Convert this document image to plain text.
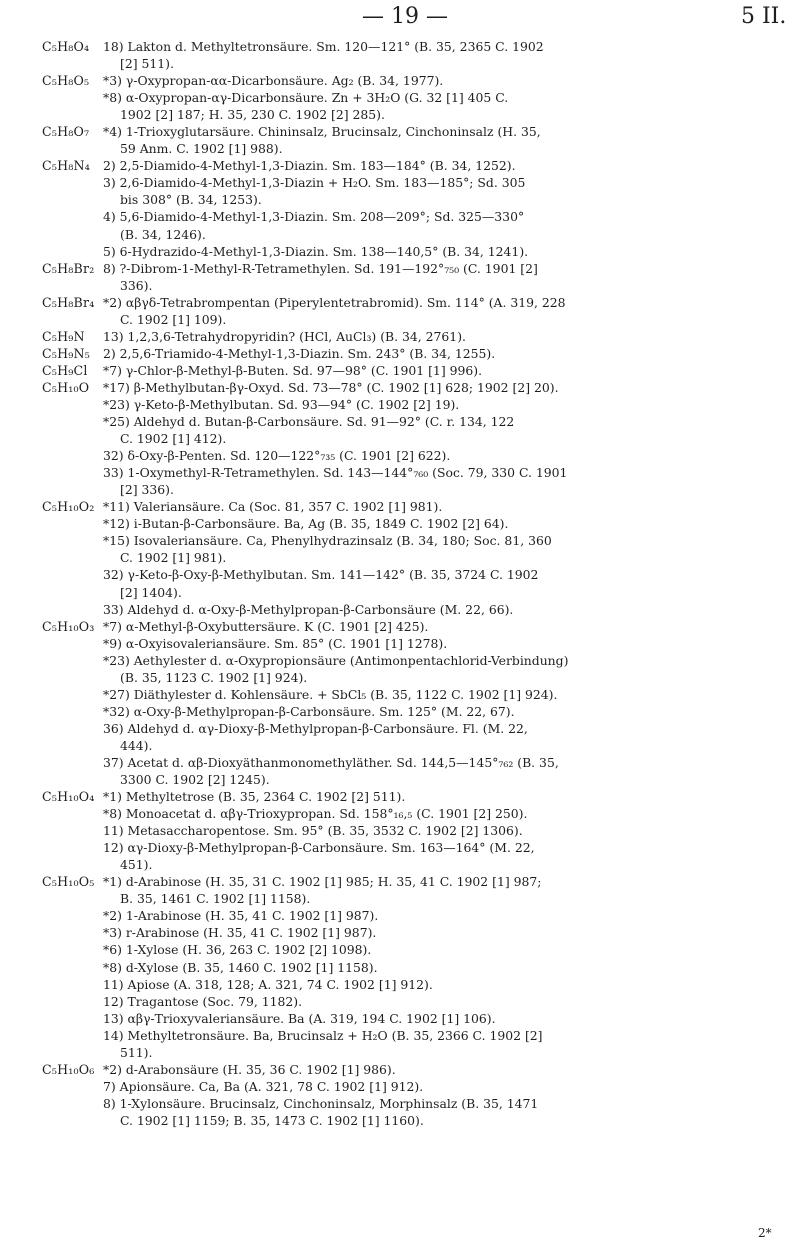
— 19 —	5 II.
C₅H₈O₄ 18) Lakton d. Methyltetronsäure. Sm. 120—121° (B. 35, 2365 C. 1902
[2] 511).
C₅H₈O₅ *3) γ-Oxypropan-αα-Dicarbonsäure. Ag₂ (B. 34, 1977).
*8) α-Oxypropan-αγ-Dicarbonsäure. Zn + 3H₂O (G. 32 [1] 405 C.
1902 [2] 187; H. 35, 230 C. 1902 [2] 285).
C₅H₈O₇ *4) 1-Trioxyglutarsäure. Chininsalz, Brucinsalz, Cinchoninsalz (H. 35,
59 Anm. C. 1902 [1] 988).
C₅H₈N₄ 2) 2,5-Diamido-4-Methyl-1,3-Diazin. Sm. 183—184° (B. 34, 1252).
3) 2,6-Diamido-4-Methyl-1,3-Diazin + H₂O. Sm. 183—185°; Sd. 305
bis 308° (B. 34, 1253).
4) 5,6-Diamido-4-Methyl-1,3-Diazin. Sm. 208—209°; Sd. 325—330°
(B. 34, 1246).
5) 6-Hydrazido-4-Methyl-1,3-Diazin. Sm. 138—140,5° (B. 34, 1241).
C₅H₈Br₂ 8) ?-Dibrom-1-Methyl-R-Tetramethylen. Sd. 191—192°₇₅₀ (C. 1901 [2]
336).
C₅H₈Br₄ *2) αβγδ-Tetrabrompentan (Piperylentetrabromid). Sm. 114° (A. 319, 228
C. 1902 [1] 109).
C₅H₉N 13) 1,2,3,6-Tetrahydropyridin? (HCl, AuCl₃) (B. 34, 2761).
C₅H₉N₅ 2) 2,5,6-Triamido-4-Methyl-1,3-Diazin. Sm. 243° (B. 34, 1255).
C₅H₉Cl *7) γ-Chlor-β-Methyl-β-Buten. Sd. 97—98° (C. 1901 [1] 996).
C₅H₁₀O *17) β-Methylbutan-βγ-Oxyd. Sd. 73—78° (C. 1902 [1] 628; 1902 [2] 20).
*23) γ-Keto-β-Methylbutan. Sd. 93—94° (C. 1902 [2] 19).
*25) Aldehyd d. Butan-β-Carbonsäure. Sd. 91—92° (C. r. 134, 122
C. 1902 [1] 412).
32) δ-Oxy-β-Penten. Sd. 120—122°₇₃₅ (C. 1901 [2] 622).
33) 1-Oxymethyl-R-Tetramethylen. Sd. 143—144°₇₆₀ (Soc. 79, 330 C. 1901
[2] 336).
C₅H₁₀O₂ *11) Valeriansäure. Ca (Soc. 81, 357 C. 1902 [1] 981).
*12) i-Butan-β-Carbonsäure. Ba, Ag (B. 35, 1849 C. 1902 [2] 64).
*15) Isovaleriansäure. Ca, Phenylhydrazinsalz (B. 34, 180; Soc. 81, 360
C. 1902 [1] 981).
32) γ-Keto-β-Oxy-β-Methylbutan. Sm. 141—142° (B. 35, 3724 C. 1902
[2] 1404).
33) Aldehyd d. α-Oxy-β-Methylpropan-β-Carbonsäure (M. 22, 66).
C₅H₁₀O₃ *7) α-Methyl-β-Oxybuttersäure. K (C. 1901 [2] 425).
*9) α-Oxyisovaleriansäure. Sm. 85° (C. 1901 [1] 1278).
*23) Aethylester d. α-Oxypropionsäure (Antimonpentachlorid-Verbindung)
(B. 35, 1123 C. 1902 [1] 924).
*27) Diäthylester d. Kohlensäure. + SbCl₅ (B. 35, 1122 C. 1902 [1] 924).
*32) α-Oxy-β-Methylpropan-β-Carbonsäure. Sm. 125° (M. 22, 67).
36) Aldehyd d. αγ-Dioxy-β-Methylpropan-β-Carbonsäure. Fl. (M. 22,
444).
37) Acetat d. αβ-Dioxyäthanmonomethyläther. Sd. 144,5—145°₇₆₂ (B. 35,
3300 C. 1902 [2] 1245).
C₅H₁₀O₄ *1) Methyltetrose (B. 35, 2364 C. 1902 [2] 511).
*8) Monoacetat d. αβγ-Trioxypropan. Sd. 158°₁₆,₅ (C. 1901 [2] 250).
11) Metasaccharopentose. Sm. 95° (B. 35, 3532 C. 1902 [2] 1306).
12) αγ-Dioxy-β-Methylpropan-β-Carbonsäure. Sm. 163—164° (M. 22,
451).
C₅H₁₀O₅ *1) d-Arabinose (H. 35, 31 C. 1902 [1] 985; H. 35, 41 C. 1902 [1] 987;
B. 35, 1461 C. 1902 [1] 1158).
*2) 1-Arabinose (H. 35, 41 C. 1902 [1] 987).
*3) r-Arabinose (H. 35, 41 C. 1902 [1] 987).
*6) 1-Xylose (H. 36, 263 C. 1902 [2] 1098).
*8) d-Xylose (B. 35, 1460 C. 1902 [1] 1158).
11) Apiose (A. 318, 128; A. 321, 74 C. 1902 [1] 912).
12) Tragantose (Soc. 79, 1182).
13) αβγ-Trioxyvaleriansäure. Ba (A. 319, 194 C. 1902 [1] 106).
14) Methyltetronsäure. Ba, Brucinsalz + H₂O (B. 35, 2366 C. 1902 [2]
511).
C₅H₁₀O₆ *2) d-Arabonsäure (H. 35, 36 C. 1902 [1] 986).
7) Apionsäure. Ca, Ba (A. 321, 78 C. 1902 [1] 912).
8) 1-Xylonsäure. Brucinsalz, Cinchoninsalz, Morphinsalz (B. 35, 1471
C. 1902 [1] 1159; B. 35, 1473 C. 1902 [1] 1160).
2*
